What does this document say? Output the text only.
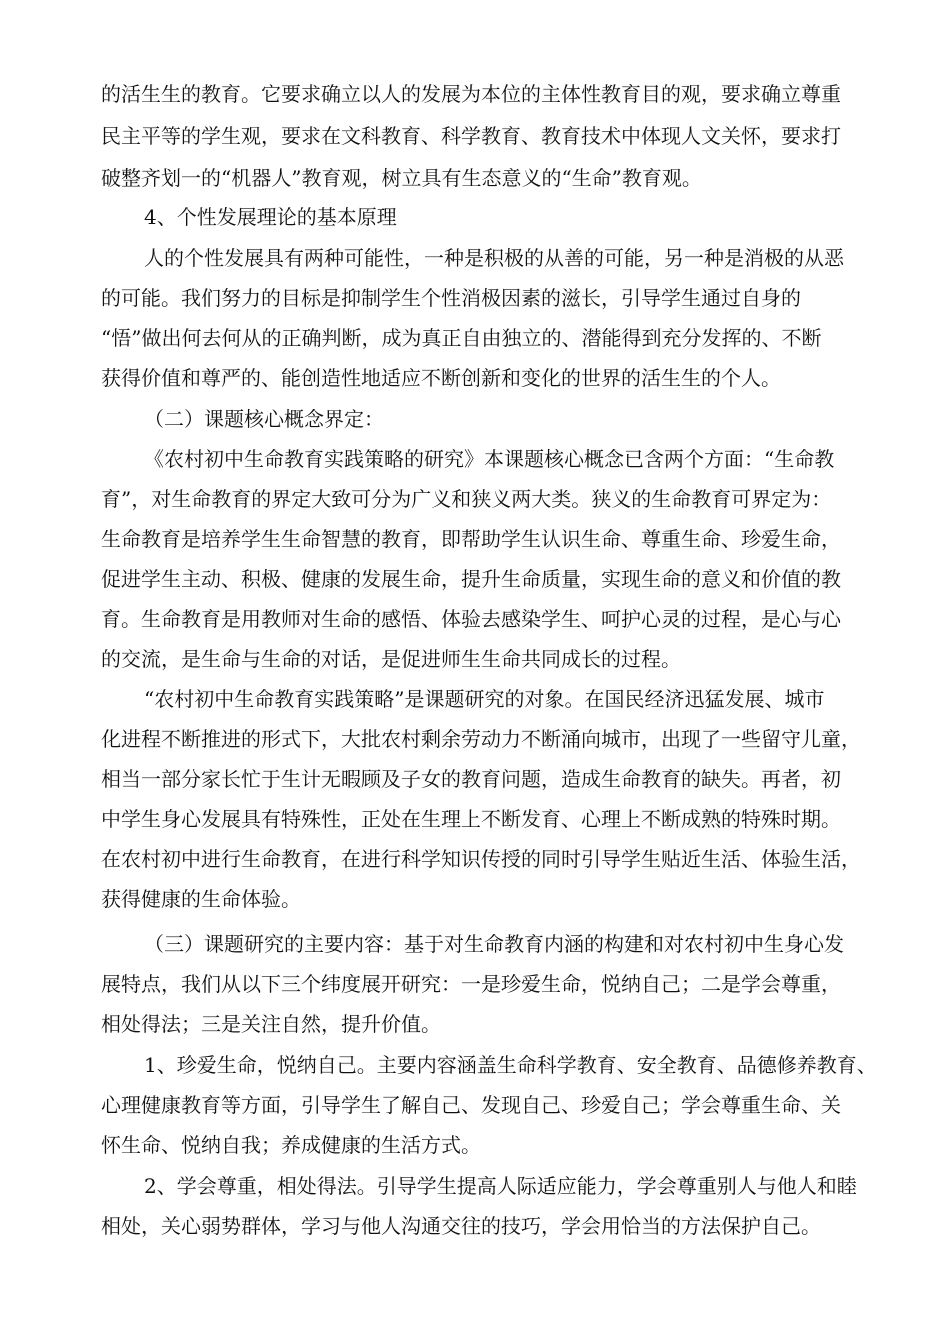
的活生生的教育。它要求确立以人的发展为本位的主体性教育目的观，要求确立尊重
民主平等的学生观，要求在文科教育、科学教育、教育技术中体现人文关怀，要求打
破整齐划一的“机器人”教育观，树立具有生态意义的“生命”教育观。
4、个性发展理论的基本原理
人的个性发展具有两种可能性，一种是积极的从善的可能，另一种是消极的从恶
的可能。我们努力的目标是抑制学生个性消极因素的滋长，引导学生通过自身的
“悟”做出何去何从的正确判断，成为真正自由独立的、潜能得到充分发挥的、不断
获得价值和尊严的、能创造性地适应不断创新和变化的世界的活生生的个人。
（二）课题核心概念界定：
《农村初中生命教育实践策略的研究》本课题核心概念已含两个方面：“生命教
育”，对生命教育的界定大致可分为广义和狭义两大类。狭义的生命教育可界定为：
生命教育是培养学生生命智慧的教育，即帮助学生认识生命、尊重生命、珍爱生命，
促进学生主动、积极、健康的发展生命，提升生命质量，实现生命的意义和价值的教
育。生命教育是用教师对生命的感悟、体验去感染学生、呵护心灵的过程，是心与心
的交流，是生命与生命的对话，是促进师生生命共同成长的过程。
“农村初中生命教育实践策略”是课题研究的对象。在国民经济迅猛发展、城市
化进程不断推进的形式下，大批农村剩余劳动力不断涌向城市，出现了一些留守儿童，
相当一部分家长忙于生计无暇顾及子女的教育问题，造成生命教育的缺失。再者，初
中学生身心发展具有特殊性，正处在生理上不断发育、心理上不断成熟的特殊时期。
在农村初中进行生命教育，在进行科学知识传授的同时引导学生贴近生活、体验生活，
获得健康的生命体验。
（三）课题研究的主要内容：基于对生命教育内涵的构建和对农村初中生身心发
展特点，我们从以下三个纬度展开研究：一是珍爱生命，悦纳自己；二是学会尊重，
相处得法；三是关注自然，提升价值。
1、珍爱生命，悦纳自己。主要内容涵盖生命科学教育、安全教育、品德修养教育、
心理健康教育等方面，引导学生了解自己、发现自己、珍爱自己；学会尊重生命、关
怀生命、悦纳自我；养成健康的生活方式。
2、学会尊重，相处得法。引导学生提高人际适应能力，学会尊重别人与他人和睦
相处，关心弱势群体，学习与他人沟通交往的技巧，学会用恰当的方法保护自己。
